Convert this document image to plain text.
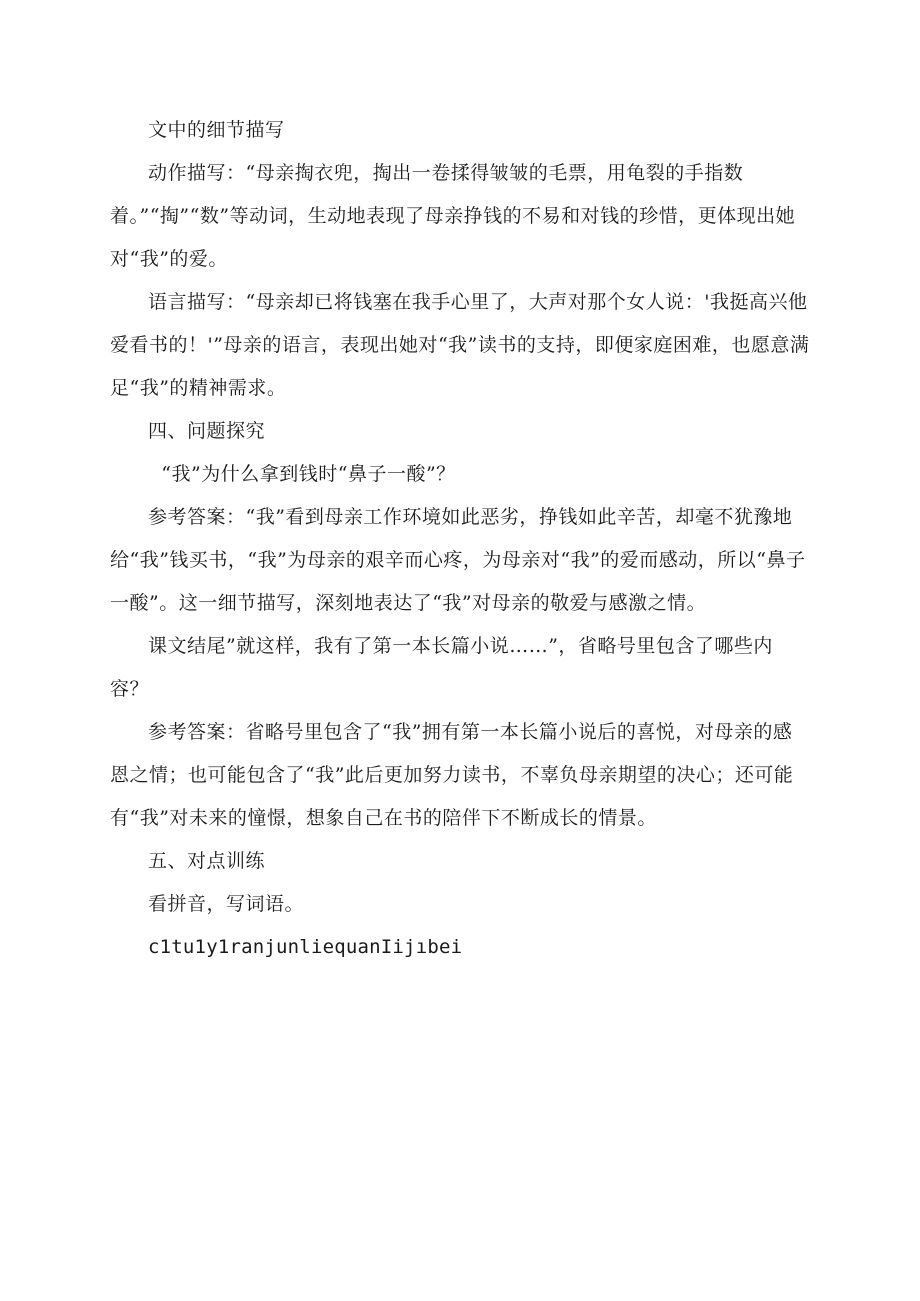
文中的细节描写

动作描写：“母亲掏衣兜，掏出一卷揉得皱皱的毛票，用龟裂的手指数着。”“掏”“数”等动词，生动地表现了母亲挣钱的不易和对钱的珍惜，更体现出她对“我”的爱。

语言描写：“母亲却已将钱塞在我手心里了，大声对那个女人说：'我挺高兴他爱看书的！'”母亲的语言，表现出她对“我”读书的支持，即便家庭困难，也愿意满足“我”的精神需求。

四、问题探究

“我”为什么拿到钱时“鼻子一酸”？

参考答案：“我”看到母亲工作环境如此恶劣，挣钱如此辛苦，却毫不犹豫地给“我”钱买书，“我”为母亲的艰辛而心疼，为母亲对“我”的爱而感动，所以“鼻子一酸”。这一细节描写，深刻地表达了“我”对母亲的敬爱与感激之情。

课文结尾”就这样，我有了第一本长篇小说……”，省略号里包含了哪些内容？

参考答案：省略号里包含了“我”拥有第一本长篇小说后的喜悦，对母亲的感恩之情；也可能包含了“我”此后更加努力读书，不辜负母亲期望的决心；还可能有“我”对未来的憧憬，想象自己在书的陪伴下不断成长的情景。

五、对点训练

看拼音，写词语。

c1tu1y1ranjunliequanIijıbei
